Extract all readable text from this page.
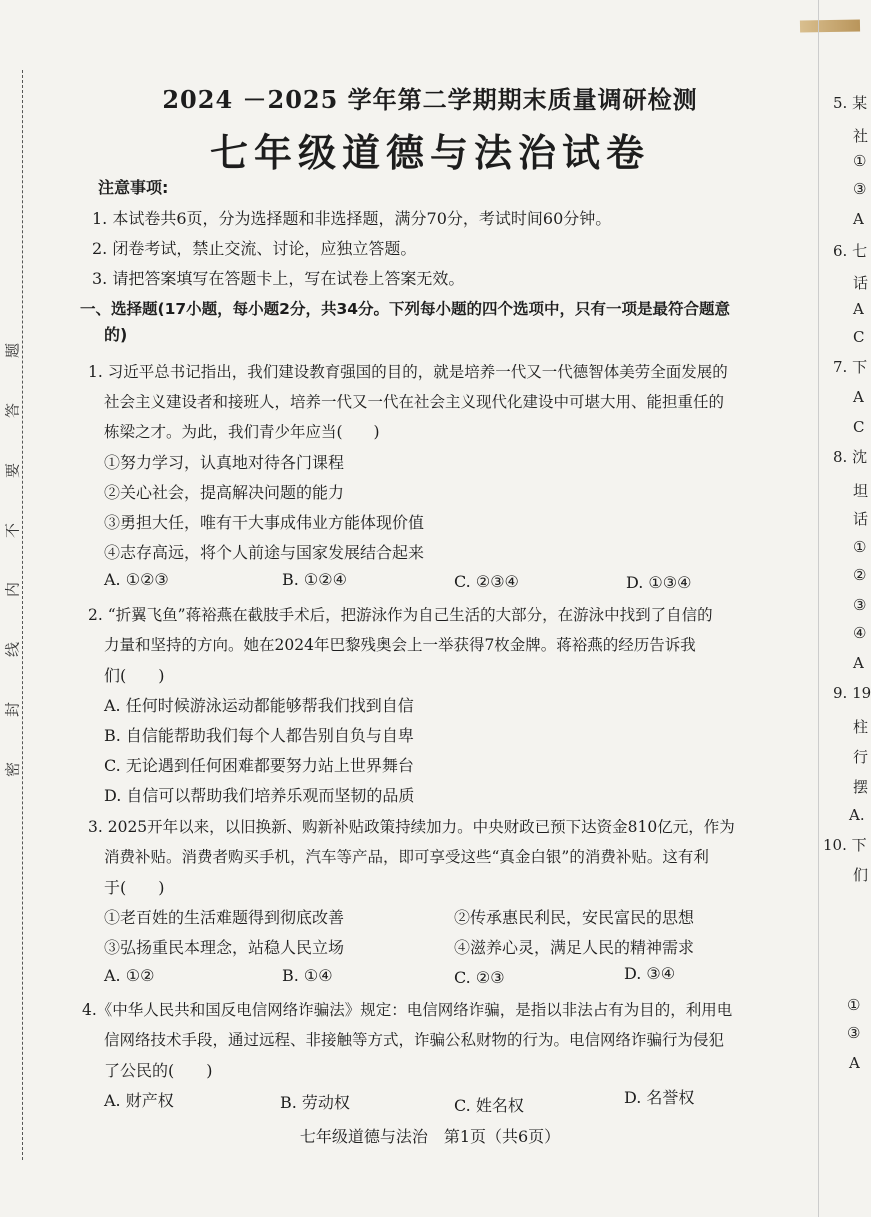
题
答
要
不
内
线
封
密
5. 某
社
①
③
A
6. 七
话
A
C
7. 下
A
C
8. 沈
坦
话
①
②
③
④
A
9. 19
柱
行
摆
A.
10. 下
们
①
③
A
2024 －2025 学年第二学期期末质量调研检测
七年级道德与法治试卷
注意事项:
1. 本试卷共6页，分为选择题和非选择题，满分70分，考试时间60分钟。
2. 闭卷考试，禁止交流、讨论，应独立答题。
3. 请把答案填写在答题卡上，写在试卷上答案无效。
一、选择题(17小题，每小题2分，共34分。下列每小题的四个选项中，只有一项是最符合题意
的)
1. 习近平总书记指出，我们建设教育强国的目的，就是培养一代又一代德智体美劳全面发展的
社会主义建设者和接班人，培养一代又一代在社会主义现代化建设中可堪大用、能担重任的
栋梁之才。为此，我们青少年应当(　　)
①努力学习，认真地对待各门课程
②关心社会，提高解决问题的能力
③勇担大任，唯有干大事成伟业方能体现价值
④志存高远，将个人前途与国家发展结合起来
A. ①②③	B. ①②④	C. ②③④	D. ①③④
2. “折翼飞鱼”蒋裕燕在截肢手术后，把游泳作为自己生活的大部分，在游泳中找到了自信的
力量和坚持的方向。她在2024年巴黎残奥会上一举获得7枚金牌。蒋裕燕的经历告诉我
们(　　)
A. 任何时候游泳运动都能够帮我们找到自信
B. 自信能帮助我们每个人都告别自负与自卑
C. 无论遇到任何困难都要努力站上世界舞台
D. 自信可以帮助我们培养乐观而坚韧的品质
3. 2025开年以来，以旧换新、购新补贴政策持续加力。中央财政已预下达资金810亿元，作为
消费补贴。消费者购买手机，汽车等产品，即可享受这些“真金白银”的消费补贴。这有利
于(　　)
①老百姓的生活难题得到彻底改善	②传承惠民利民，安民富民的思想
③弘扬重民本理念，站稳人民立场	④滋养心灵，满足人民的精神需求
A. ①②	B. ①④	C. ②③	D. ③④
4.《中华人民共和国反电信网络诈骗法》规定：电信网络诈骗，是指以非法占有为目的，利用电
信网络技术手段，通过远程、非接触等方式，诈骗公私财物的行为。电信网络诈骗行为侵犯
了公民的(　　)
A. 财产权	B. 劳动权	C. 姓名权	D. 名誉权
七年级道德与法治　第1页（共6页）
